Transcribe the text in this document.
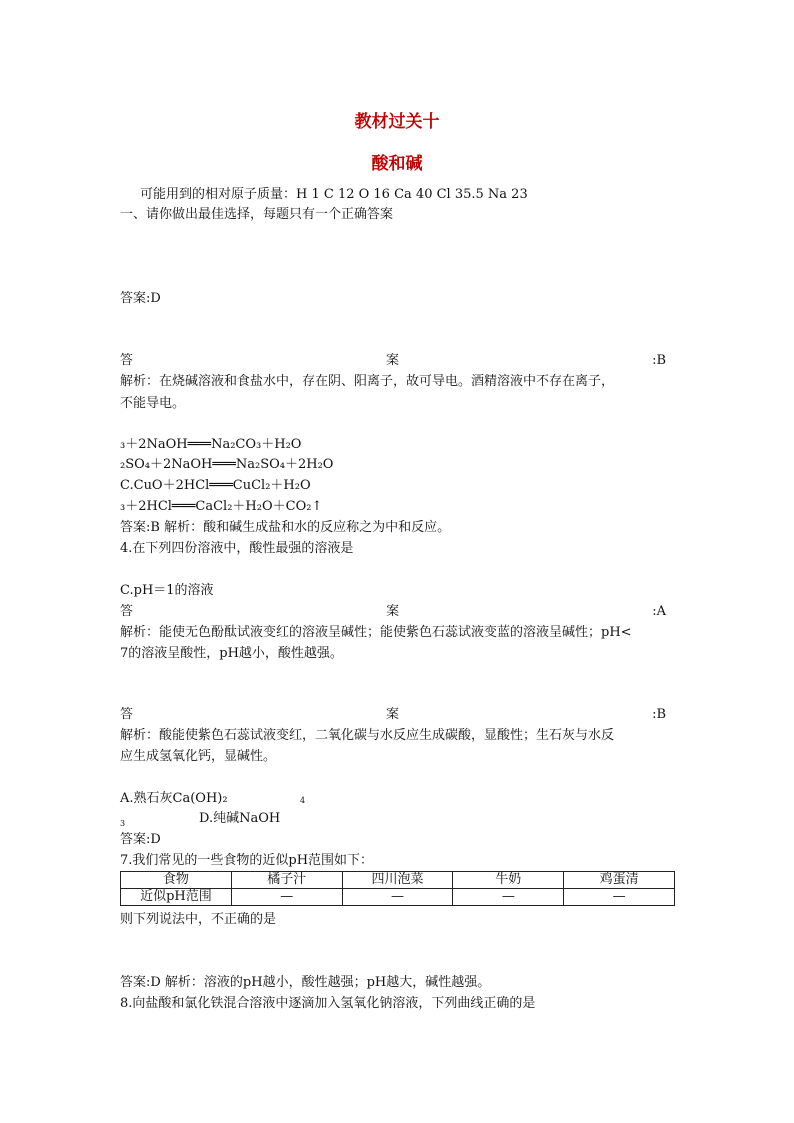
教材过关十
酸和碱
可能用到的相对原子质量：H 1 C 12 O 16 Ca 40 Cl 35.5 Na 23
一、请你做出最佳选择，每题只有一个正确答案
答案:D
答	案	:B
解析：在烧碱溶液和食盐水中，存在阴、阳离子，故可导电。酒精溶液中不存在离子，
不能导电。
₃＋2NaOH═══Na₂CO₃＋H₂O
₂SO₄＋2NaOH═══Na₂SO₄＋2H₂O
C.CuO＋2HCl═══CuCl₂＋H₂O
₃＋2HCl═══CaCl₂＋H₂O＋CO₂↑
答案:B 解析：酸和碱生成盐和水的反应称之为中和反应。
4.在下列四份溶液中，酸性最强的溶液是
C.pH＝1的溶液
答	案	:A
解析：能使无色酚酞试液变红的溶液呈碱性；能使紫色石蕊试液变蓝的溶液呈碱性；pH<
7的溶液呈酸性，pH越小，酸性越强。
答	案	:B
解析：酸能使紫色石蕊试液变红，二氧化碳与水反应生成碳酸，显酸性；生石灰与水反
应生成氢氧化钙，显碱性。
A.熟石灰Ca(OH)₂	4
3	D.纯碱NaOH
答案:D
7.我们常见的一些食物的近似pH范围如下：
食物	橘子汁	四川泡菜	牛奶	鸡蛋清
近似pH范围	—	—	—	—
则下列说法中，不正确的是
答案:D 解析：溶液的pH越小，酸性越强；pH越大，碱性越强。
8.向盐酸和氯化铁混合溶液中逐滴加入氢氧化钠溶液，下列曲线正确的是
